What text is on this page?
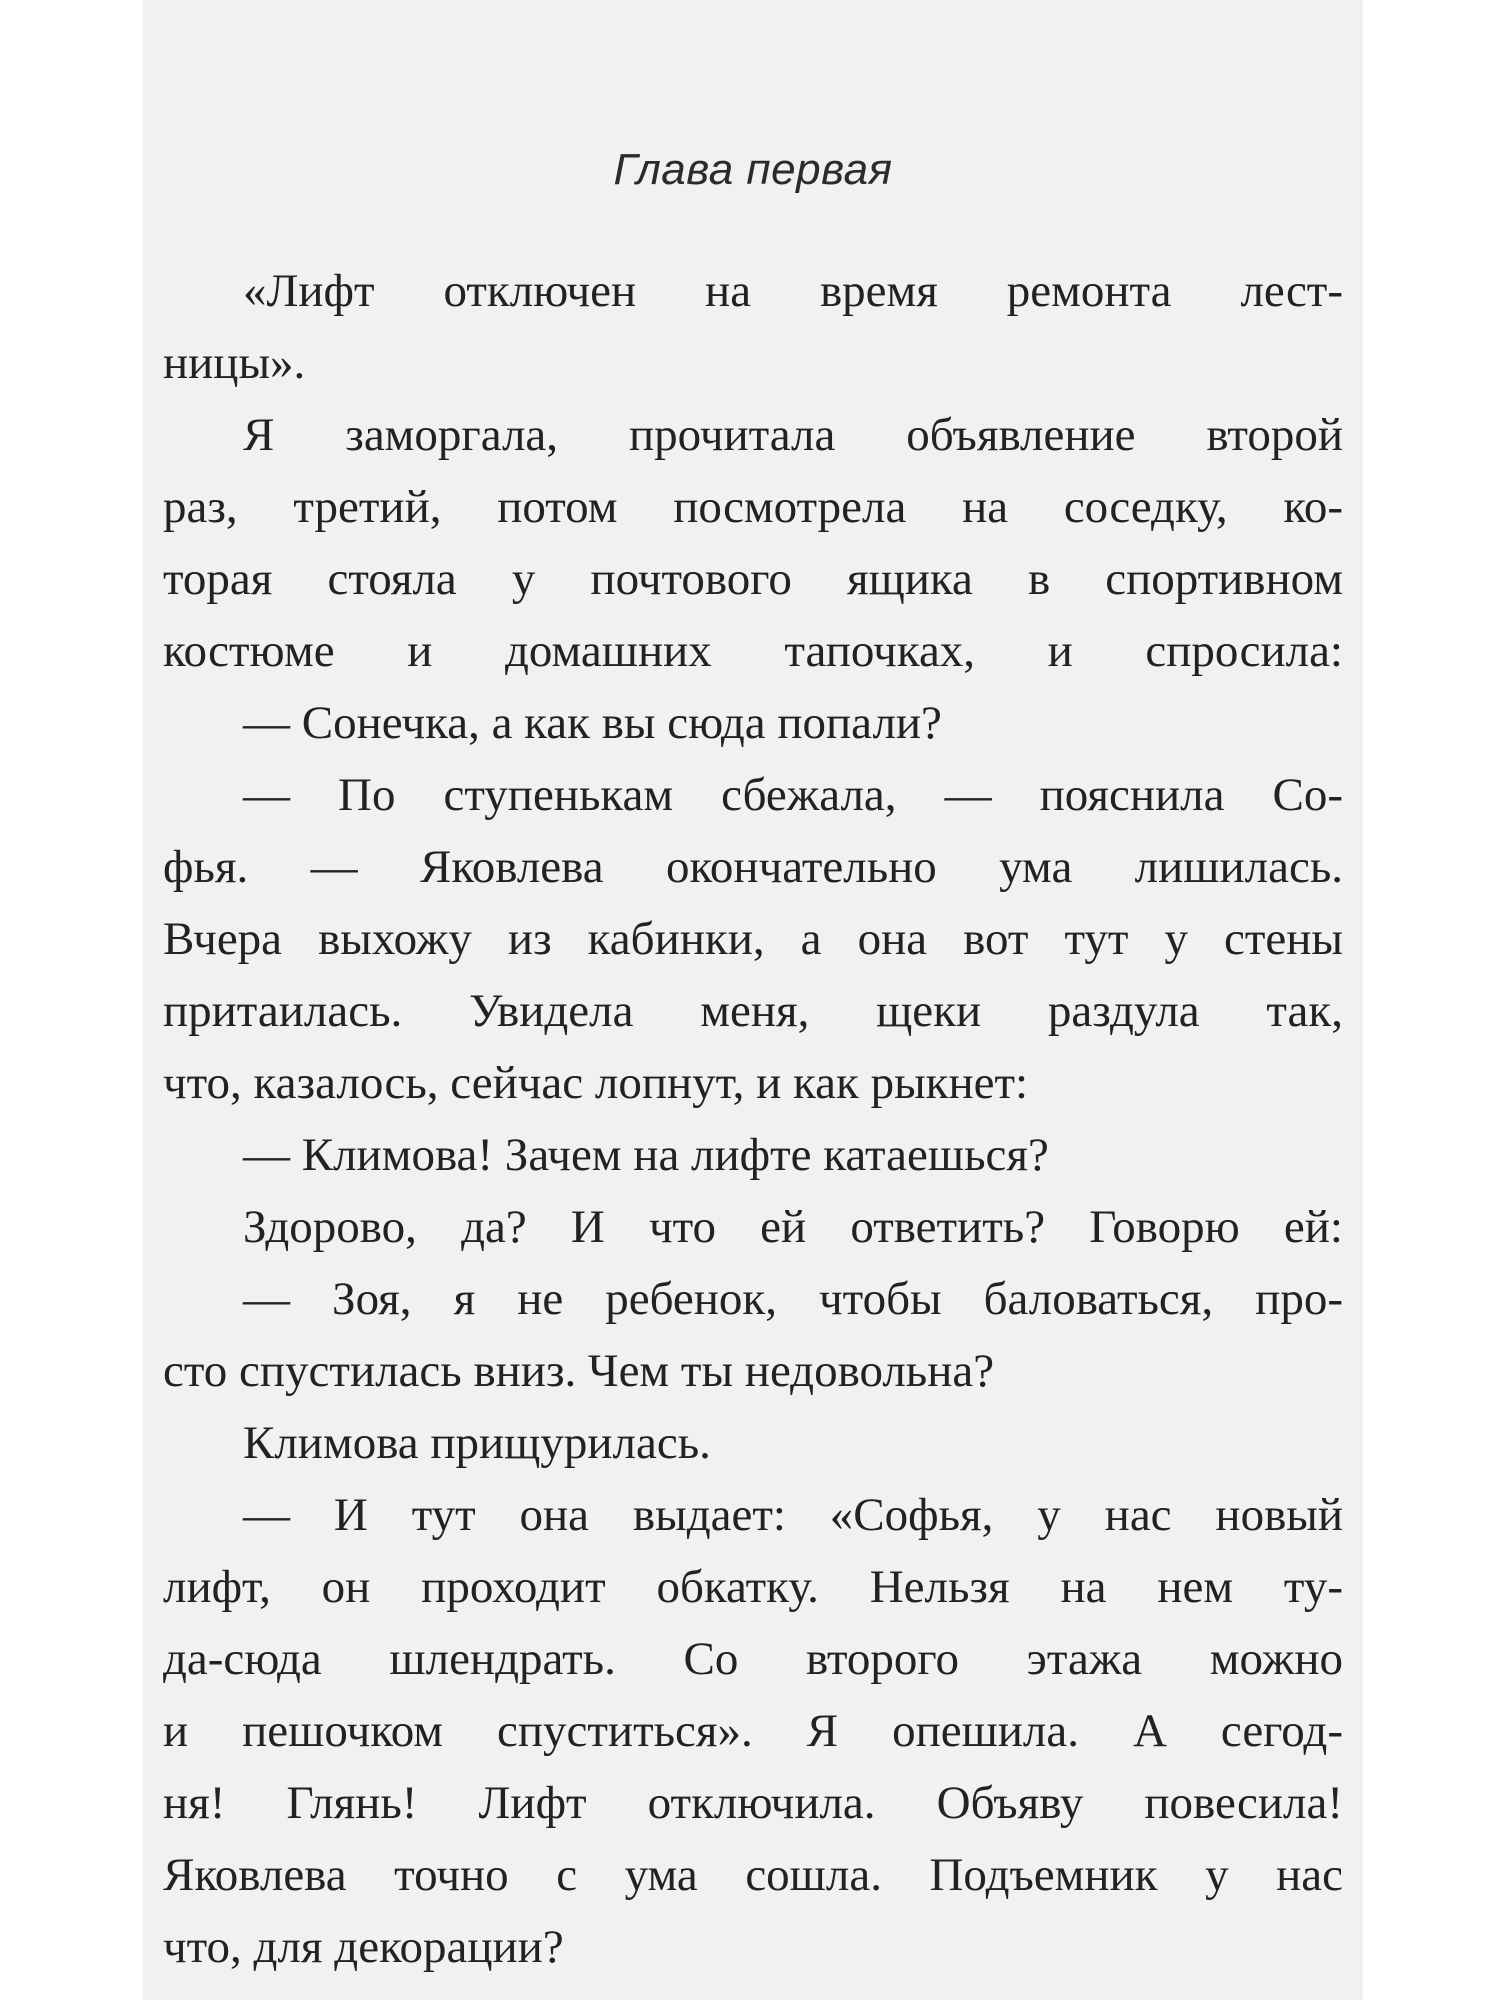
Глава первая
«Лифт отключен на время ремонта лест-
ницы».
Я заморгала, прочитала объявление второй
раз, третий, потом посмотрела на соседку, ко-
торая стояла у почтового ящика в спортивном
костюме и домашних тапочках, и спросила:
— Сонечка, а как вы сюда попали?
— По ступенькам сбежала, — пояснила Со-
фья. — Яковлева окончательно ума лишилась.
Вчера выхожу из кабинки, а она вот тут у стены
притаилась. Увидела меня, щеки раздула так,
что, казалось, сейчас лопнут, и как рыкнет:
— Климова! Зачем на лифте катаешься?
Здорово, да? И что ей ответить? Говорю ей:
— Зоя, я не ребенок, чтобы баловаться, про-
сто спустилась вниз. Чем ты недовольна?
Климова прищурилась.
— И тут она выдает: «Софья, у нас новый
лифт, он проходит обкатку. Нельзя на нем ту-
да-сюда шлендрать. Со второго этажа можно
и пешочком спуститься». Я опешила. А сегод-
ня! Глянь! Лифт отключила. Объяву повесила!
Яковлева точно с ума сошла. Подъемник у нас
что, для декорации?
